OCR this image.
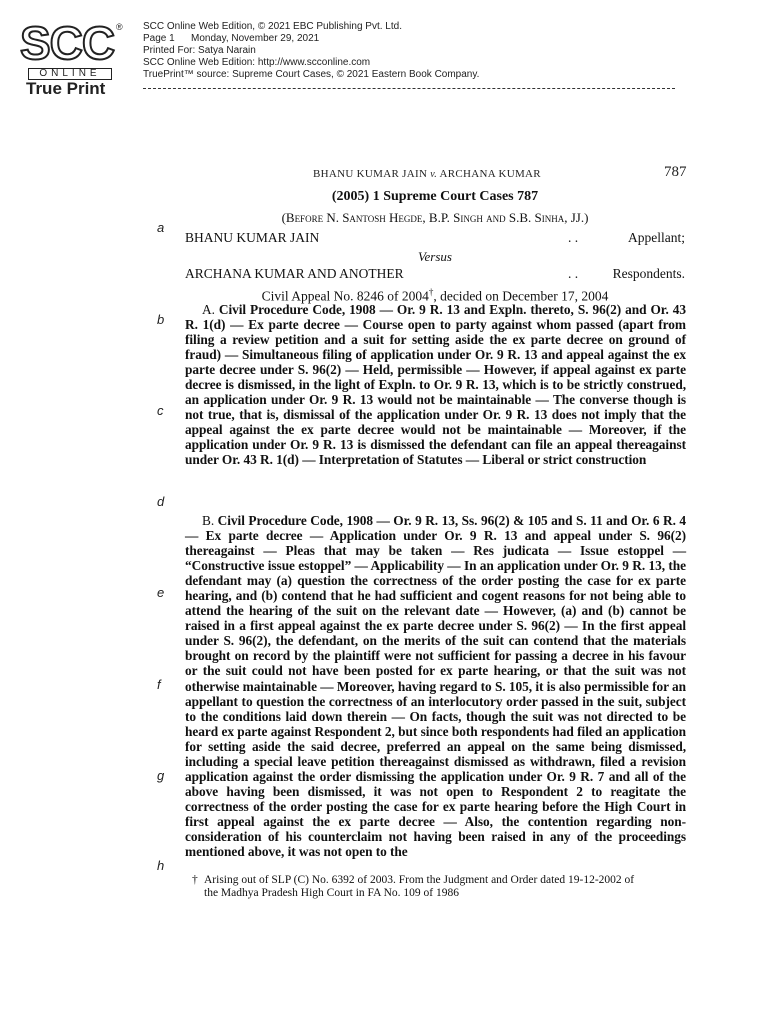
SCC ®
ONLINE
True Print
SCC Online Web Edition, © 2021 EBC Publishing Pvt. Ltd.
Page 1 Monday, November 29, 2021
Printed For: Satya Narain
SCC Online Web Edition: http://www.scconline.com
TruePrint™ source: Supreme Court Cases, © 2021 Eastern Book Company.
BHANU KUMAR JAIN v. ARCHANA KUMAR	787
(2005) 1 Supreme Court Cases 787
(Before N. Santosh Hegde, B.P. Singh and S.B. Sinha, JJ.)
BHANU KUMAR JAIN	. .	Appellant;
Versus
ARCHANA KUMAR AND ANOTHER	. .	Respondents.
Civil Appeal No. 8246 of 2004†, decided on December 17, 2004
A. Civil Procedure Code, 1908 — Or. 9 R. 13 and Expln. thereto, S. 96(2) and Or. 43 R. 1(d) — Ex parte decree — Course open to party against whom passed (apart from filing a review petition and a suit for setting aside the ex parte decree on ground of fraud) — Simultaneous filing of application under Or. 9 R. 13 and appeal against the ex parte decree under S. 96(2) — Held, permissible — However, if appeal against ex parte decree is dismissed, in the light of Expln. to Or. 9 R. 13, which is to be strictly construed, an application under Or. 9 R. 13 would not be maintainable — The converse though is not true, that is, dismissal of the application under Or. 9 R. 13 does not imply that the appeal against the ex parte decree would not be maintainable — Moreover, if the application under Or. 9 R. 13 is dismissed the defendant can file an appeal thereagainst under Or. 43 R. 1(d) — Interpretation of Statutes — Liberal or strict construction
B. Civil Procedure Code, 1908 — Or. 9 R. 13, Ss. 96(2) & 105 and S. 11 and Or. 6 R. 4 — Ex parte decree — Application under Or. 9 R. 13 and appeal under S. 96(2) thereagainst — Pleas that may be taken — Res judicata — Issue estoppel — “Constructive issue estoppel” — Applicability — In an application under Or. 9 R. 13, the defendant may (a) question the correctness of the order posting the case for ex parte hearing, and (b) contend that he had sufficient and cogent reasons for not being able to attend the hearing of the suit on the relevant date — However, (a) and (b) cannot be raised in a first appeal against the ex parte decree under S. 96(2) — In the first appeal under S. 96(2), the defendant, on the merits of the suit can contend that the materials brought on record by the plaintiff were not sufficient for passing a decree in his favour or the suit could not have been posted for ex parte hearing, or that the suit was not otherwise maintainable — Moreover, having regard to S. 105, it is also permissible for an appellant to question the correctness of an interlocutory order passed in the suit, subject to the conditions laid down therein — On facts, though the suit was not directed to be heard ex parte against Respondent 2, but since both respondents had filed an application for setting aside the said decree, preferred an appeal on the same being dismissed, including a special leave petition thereagainst dismissed as withdrawn, filed a revision application against the order dismissing the application under Or. 9 R. 7 and all of the above having been dismissed, it was not open to Respondent 2 to reagitate the correctness of the order posting the case for ex parte hearing before the High Court in first appeal against the ex parte decree — Also, the contention regarding non-consideration of his counterclaim not having been raised in any of the proceedings mentioned above, it was not open to the
a
b
c
d
e
f
g
h
† Arising out of SLP (C) No. 6392 of 2003. From the Judgment and Order dated 19-12-2002 of
the Madhya Pradesh High Court in FA No. 109 of 1986
